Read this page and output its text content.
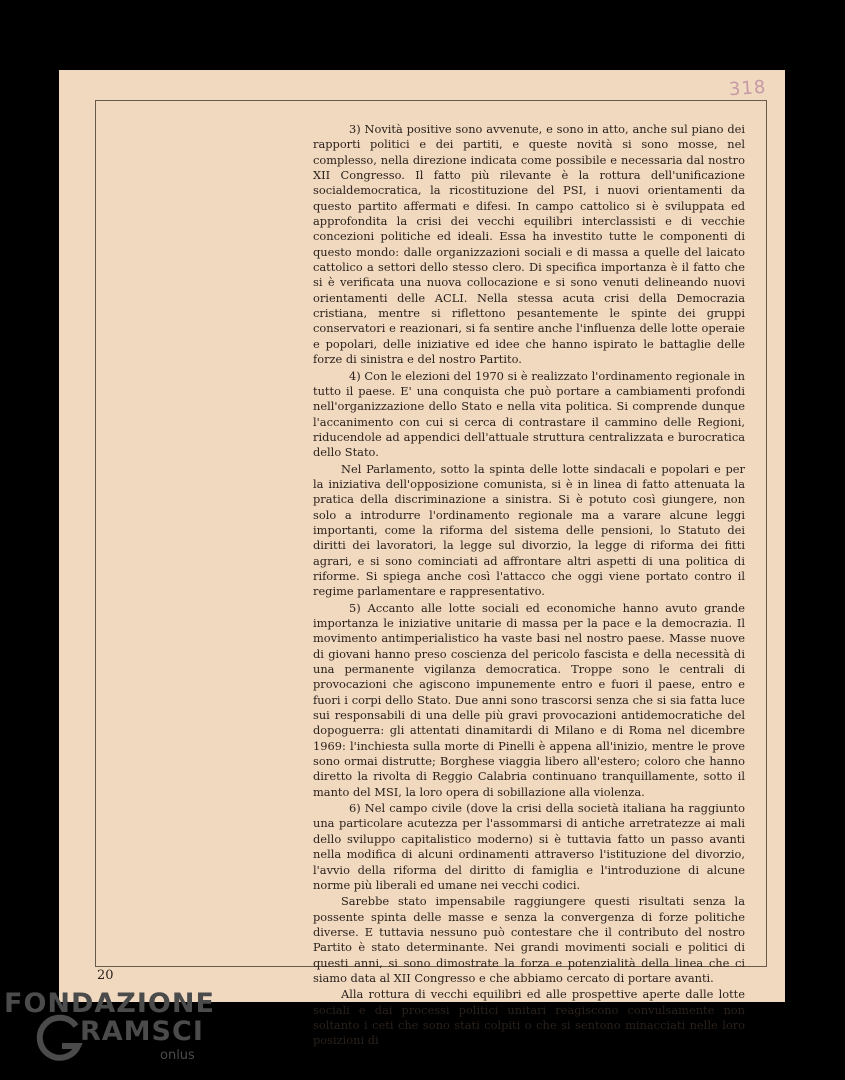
318

3) Novità positive sono avvenute, e sono in atto, anche sul piano dei rapporti politici e dei partiti, e queste novità si sono mosse, nel complesso, nella direzione indicata come possibile e necessaria dal nostro XII Congresso. Il fatto più rilevante è la rottura dell'unificazione socialdemocratica, la ricostituzione del PSI, i nuovi orientamenti da questo partito affermati e difesi. In campo cattolico si è sviluppata ed approfondita la crisi dei vecchi equilibri interclassisti e di vecchie concezioni politiche ed ideali. Essa ha investito tutte le componenti di questo mondo: dalle organizzazioni sociali e di massa a quelle del laicato cattolico a settori dello stesso clero. Di specifica importanza è il fatto che si è verificata una nuova collocazione e si sono venuti delineando nuovi orientamenti delle ACLI. Nella stessa acuta crisi della Democrazia cristiana, mentre si riflettono pesantemente le spinte dei gruppi conservatori e reazionari, si fa sentire anche l'influenza delle lotte operaie e popolari, delle iniziative ed idee che hanno ispirato le battaglie delle forze di sinistra e del nostro Partito.

4) Con le elezioni del 1970 si è realizzato l'ordinamento regionale in tutto il paese. E' una conquista che può portare a cambiamenti profondi nell'organizzazione dello Stato e nella vita politica. Si comprende dunque l'accanimento con cui si cerca di contrastare il cammino delle Regioni, riducendole ad appendici dell'attuale struttura centralizzata e burocratica dello Stato.

Nel Parlamento, sotto la spinta delle lotte sindacali e popolari e per la iniziativa dell'opposizione comunista, si è in linea di fatto attenuata la pratica della discriminazione a sinistra. Si è potuto così giungere, non solo a introdurre l'ordinamento regionale ma a varare alcune leggi importanti, come la riforma del sistema delle pensioni, lo Statuto dei diritti dei lavoratori, la legge sul divorzio, la legge di riforma dei fitti agrari, e si sono cominciati ad affrontare altri aspetti di una politica di riforme. Si spiega anche così l'attacco che oggi viene portato contro il regime parlamentare e rappresentativo.

5) Accanto alle lotte sociali ed economiche hanno avuto grande importanza le iniziative unitarie di massa per la pace e la democrazia. Il movimento antimperialistico ha vaste basi nel nostro paese. Masse nuove di giovani hanno preso coscienza del pericolo fascista e della necessità di una permanente vigilanza democratica. Troppe sono le centrali di provocazioni che agiscono impunemente entro e fuori il paese, entro e fuori i corpi dello Stato. Due anni sono trascorsi senza che si sia fatta luce sui responsabili di una delle più gravi provocazioni antidemocratiche del dopoguerra: gli attentati dinamitardi di Milano e di Roma nel dicembre 1969: l'inchiesta sulla morte di Pinelli è appena all'inizio, mentre le prove sono ormai distrutte; Borghese viaggia libero all'estero; coloro che hanno diretto la rivolta di Reggio Calabria continuano tranquillamente, sotto il manto del MSI, la loro opera di sobillazione alla violenza.

6) Nel campo civile (dove la crisi della società italiana ha raggiunto una particolare acutezza per l'assommarsi di antiche arretratezze ai mali dello sviluppo capitalistico moderno) si è tuttavia fatto un passo avanti nella modifica di alcuni ordinamenti attraverso l'istituzione del divorzio, l'avvio della riforma del diritto di famiglia e l'introduzione di alcune norme più liberali ed umane nei vecchi codici.

Sarebbe stato impensabile raggiungere questi risultati senza la possente spinta delle masse e senza la convergenza di forze politiche diverse. E tuttavia nessuno può contestare che il contributo del nostro Partito è stato determinante. Nei grandi movimenti sociali e politici di questi anni, si sono dimostrate la forza e potenzialità della linea che ci siamo data al XII Congresso e che abbiamo cercato di portare avanti.

Alla rottura di vecchi equilibri ed alle prospettive aperte dalle lotte sociali e dai processi politici unitari reagiscono convulsamente non soltanto i ceti che sono stati colpiti o che si sentono minacciati nelle loro posizioni di

20
FONDAZIONE
RAMSCI
onlus
